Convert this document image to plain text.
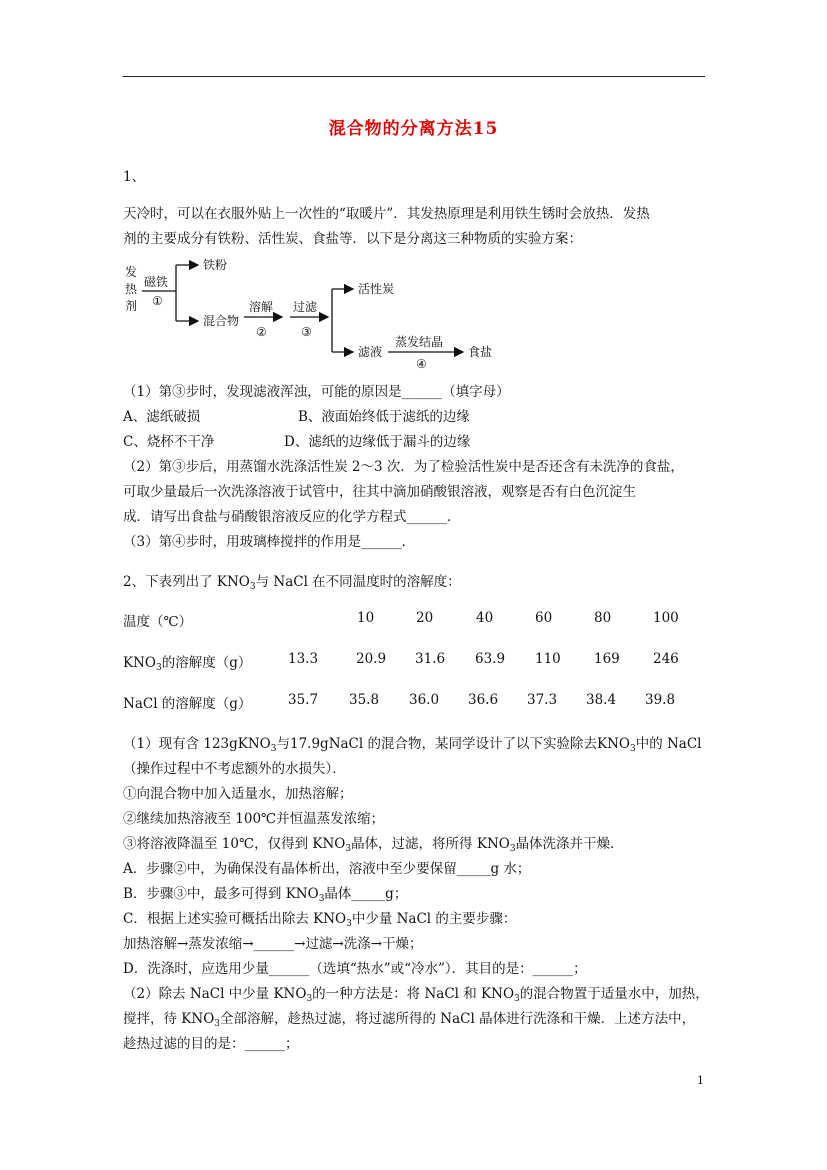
混合物的分离方法15
1、
天冷时，可以在衣服外贴上一次性的“取暖片”．其发热原理是利用铁生锈时会放热．发热
剂的主要成分有铁粉、活性炭、食盐等．以下是分离这三种物质的实验方案：
发
热
剂
磁铁
①
铁粉
混合物
溶解
②
过滤
③
活性炭
滤液
蒸发结晶
④
食盐
（1）第③步时，发现滤液浑浊，可能的原因是______（填字母）
A、滤纸破损	B、液面始终低于滤纸的边缘
C、烧杯不干净	D、滤纸的边缘低于漏斗的边缘
（2）第③步后，用蒸馏水洗涤活性炭 2～3 次．为了检验活性炭中是否还含有未洗净的食盐，
可取少量最后一次洗涤溶液于试管中，往其中滴加硝酸银溶液，观察是否有白色沉淀生
成．请写出食盐与硝酸银溶液反应的化学方程式______．
（3）第④步时，用玻璃棒搅拌的作用是______．
2、下表列出了 $KNO_3$与 NaCl 在不同温度时的溶解度：
温度（℃）	10	20	40	60	80	100
$KNO_3$的溶解度（g）	13.3	20.9 31.6 63.9 110 169 246
NaCl 的溶解度（g）	35.7 35.8 36.0 36.6 37.3 38.4 39.8
（1）现有含 123gKNO$_3$与17.9gNaCl 的混合物，某同学设计了以下实验除去$KNO_3$中的 NaCl
（操作过程中不考虑额外的水损失）．
①向混合物中加入适量水，加热溶解；
②继续加热溶液至 100℃并恒温蒸发浓缩；
③将溶液降温至 10℃，仅得到 $KNO_3$晶体，过滤，将所得 $KNO_3$晶体洗涤并干燥．
A．步骤②中，为确保没有晶体析出，溶液中至少要保留_____g 水；
B．步骤③中，最多可得到 $KNO_3$晶体_____g；
C．根据上述实验可概括出除去 $KNO_3$中少量 NaCl 的主要步骤：
加热溶解→蒸发浓缩→______→过滤→洗涤→干燥；
D．洗涤时，应选用少量______（选填“热水”或“冷水”）．其目的是：______；
（2）除去 NaCl 中少量 $KNO_3$的一种方法是：将 NaCl 和 $KNO_3$的混合物置于适量水中，加热，
搅拌，待 $KNO_3$全部溶解，趁热过滤，将过滤所得的 NaCl 晶体进行洗涤和干燥．上述方法中，
趁热过滤的目的是：______；
1
